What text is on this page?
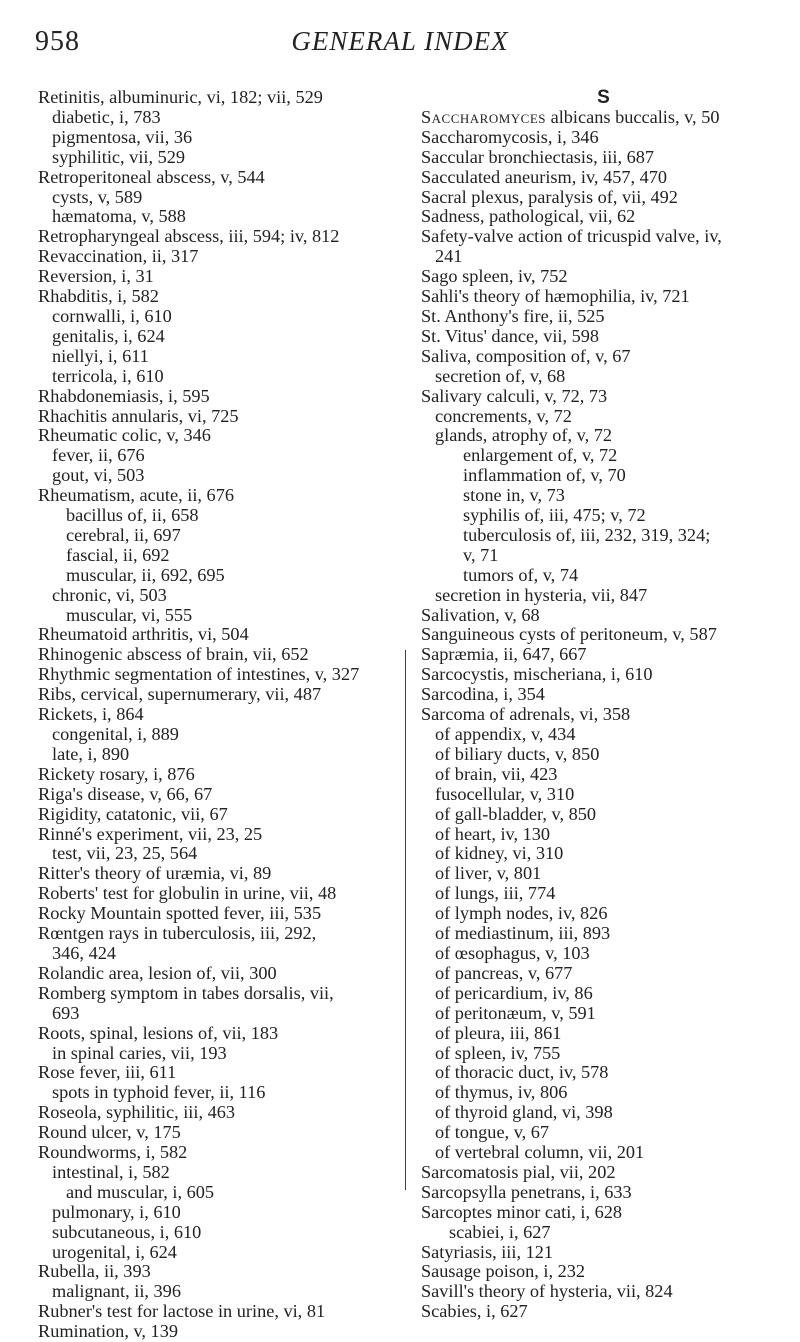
958	GENERAL INDEX
Retinitis, albuminuric, vi, 182; vii, 529
diabetic, i, 783
pigmentosa, vii, 36
syphilitic, vii, 529
Retroperitoneal abscess, v, 544
cysts, v, 589
hæmatoma, v, 588
Retropharyngeal abscess, iii, 594; iv, 812
Revaccination, ii, 317
Reversion, i, 31
Rhabditis, i, 582
cornwalli, i, 610
genitalis, i, 624
niellyi, i, 611
terricola, i, 610
Rhabdonemiasis, i, 595
Rhachitis annularis, vi, 725
Rheumatic colic, v, 346
fever, ii, 676
gout, vi, 503
Rheumatism, acute, ii, 676
bacillus of, ii, 658
cerebral, ii, 697
fascial, ii, 692
muscular, ii, 692, 695
chronic, vi, 503
muscular, vi, 555
Rheumatoid arthritis, vi, 504
Rhinogenic abscess of brain, vii, 652
Rhythmic segmentation of intestines, v, 327
Ribs, cervical, supernumerary, vii, 487
Rickets, i, 864
congenital, i, 889
late, i, 890
Rickety rosary, i, 876
Riga's disease, v, 66, 67
Rigidity, catatonic, vii, 67
Rinné's experiment, vii, 23, 25
test, vii, 23, 25, 564
Ritter's theory of uræmia, vi, 89
Roberts' test for globulin in urine, vii, 48
Rocky Mountain spotted fever, iii, 535
Rœntgen rays in tuberculosis, iii, 292,
346, 424
Rolandic area, lesion of, vii, 300
Romberg symptom in tabes dorsalis, vii,
693
Roots, spinal, lesions of, vii, 183
in spinal caries, vii, 193
Rose fever, iii, 611
spots in typhoid fever, ii, 116
Roseola, syphilitic, iii, 463
Round ulcer, v, 175
Roundworms, i, 582
intestinal, i, 582
and muscular, i, 605
pulmonary, i, 610
subcutaneous, i, 610
urogenital, i, 624
Rubella, ii, 393
malignant, ii, 396
Rubner's test for lactose in urine, vi, 81
Rumination, v, 139
S
Saccharomyces albicans buccalis, v, 50
Saccharomycosis, i, 346
Saccular bronchiectasis, iii, 687
Sacculated aneurism, iv, 457, 470
Sacral plexus, paralysis of, vii, 492
Sadness, pathological, vii, 62
Safety-valve action of tricuspid valve, iv,
241
Sago spleen, iv, 752
Sahli's theory of hæmophilia, iv, 721
St. Anthony's fire, ii, 525
St. Vitus' dance, vii, 598
Saliva, composition of, v, 67
secretion of, v, 68
Salivary calculi, v, 72, 73
concrements, v, 72
glands, atrophy of, v, 72
enlargement of, v, 72
inflammation of, v, 70
stone in, v, 73
syphilis of, iii, 475; v, 72
tuberculosis of, iii, 232, 319, 324;
v, 71
tumors of, v, 74
secretion in hysteria, vii, 847
Salivation, v, 68
Sanguineous cysts of peritoneum, v, 587
Sapræmia, ii, 647, 667
Sarcocystis, mischeriana, i, 610
Sarcodina, i, 354
Sarcoma of adrenals, vi, 358
of appendix, v, 434
of biliary ducts, v, 850
of brain, vii, 423
fusocellular, v, 310
of gall-bladder, v, 850
of heart, iv, 130
of kidney, vi, 310
of liver, v, 801
of lungs, iii, 774
of lymph nodes, iv, 826
of mediastinum, iii, 893
of œsophagus, v, 103
of pancreas, v, 677
of pericardium, iv, 86
of peritonæum, v, 591
of pleura, iii, 861
of spleen, iv, 755
of thoracic duct, iv, 578
of thymus, iv, 806
of thyroid gland, vi, 398
of tongue, v, 67
of vertebral column, vii, 201
Sarcomatosis pial, vii, 202
Sarcopsylla penetrans, i, 633
Sarcoptes minor cati, i, 628
scabiei, i, 627
Satyriasis, iii, 121
Sausage poison, i, 232
Savill's theory of hysteria, vii, 824
Scabies, i, 627
